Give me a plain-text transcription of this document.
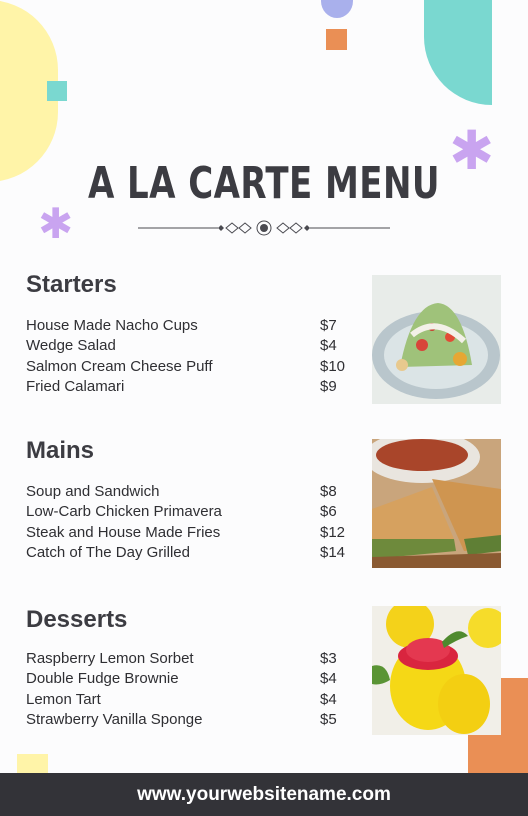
✱
✱
A LA CARTE MENU
Starters
House Made Nacho Cups	$7
Wedge Salad	$4
Salmon Cream Cheese Puff	$10
Fried Calamari	$9
Mains
Soup and Sandwich	$8
Low-Carb Chicken Primavera	$6
Steak and House Made Fries	$12
Catch of The Day Grilled	$14
Desserts
Raspberry Lemon Sorbet	$3
Double Fudge Brownie	$4
Lemon Tart	$4
Strawberry Vanilla Sponge	$5
www.yourwebsitename.com
